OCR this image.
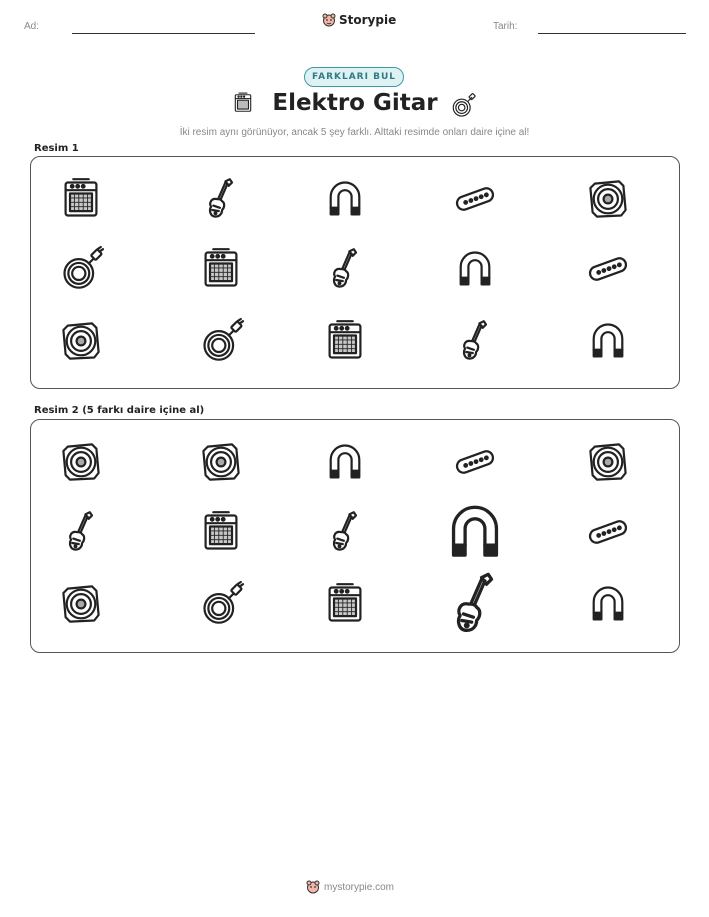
Ad:	Storypie	Tarih:
FARKLARI BUL
Elektro Gitar
İki resim aynı görünüyor, ancak 5 şey farklı. Alttaki resimde onları daire içine al!
Resim 1
Resim 2 (5 farkı daire içine al)
mystorypie.com
